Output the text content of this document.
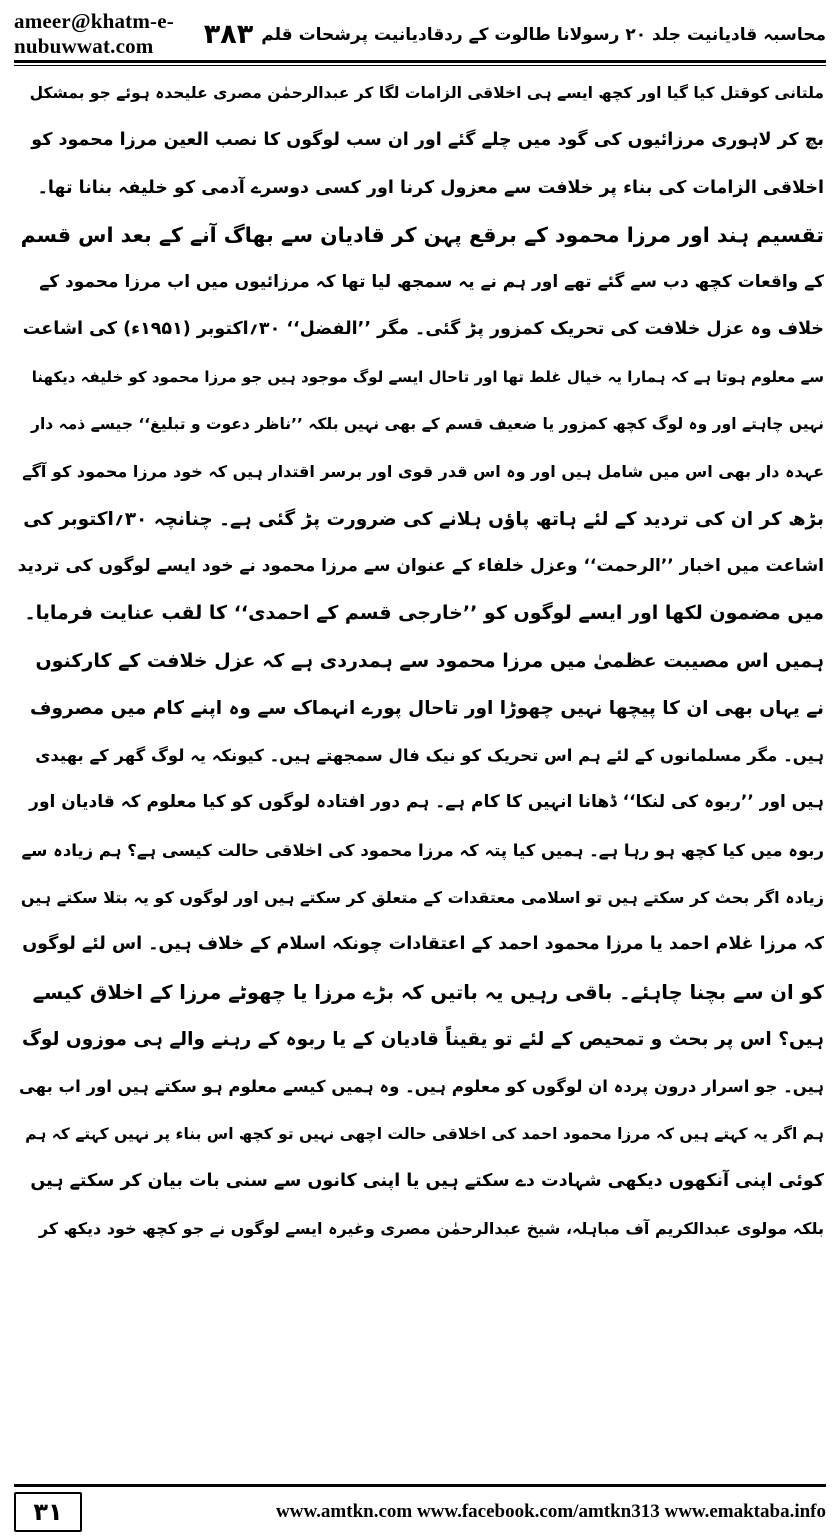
ameer@khatm-e-nubuwwat.com	۳۸۳ محاسبہ قادیانیت جلد ۲۰ رسولانا طالوت کے ردقادیانیت پرشحات قلم
ملتانی کوقتل کیا گیا اور کچھ ایسے ہی اخلاقی الزامات لگا کر عبدالرحمٰن مصری علیحدہ ہوئے جو بمشکل
بچ کر لاہوری مرزائیوں کی گود میں چلے گئے اور ان سب لوگوں کا نصب العین مرزا محمود کو
اخلاقی الزامات کی بناء پر خلافت سے معزول کرنا اور کسی دوسرے آدمی کو خلیفہ بنانا تھا۔
تقسیم ہند اور مرزا محمود کے برقع پہن کر قادیان سے بھاگ آنے کے بعد اس قسم
کے واقعات کچھ دب سے گئے تھے اور ہم نے یہ سمجھ لیا تھا کہ مرزائیوں میں اب مرزا محمود کے
خلاف وہ عزل خلافت کی تحریک کمزور پڑ گئی۔ مگر ’’الفضل‘‘ ۳۰؍اکتوبر (۱۹۵۱ء) کی اشاعت
سے معلوم ہوتا ہے کہ ہمارا یہ خیال غلط تھا اور تاحال ایسے لوگ موجود ہیں جو مرزا محمود کو خلیفہ دیکھنا
نہیں چاہتے اور وہ لوگ کچھ کمزور یا ضعیف قسم کے بھی نہیں بلکہ ’’ناظر دعوت و تبلیغ‘‘ جیسے ذمہ دار
عہدہ دار بھی اس میں شامل ہیں اور وہ اس قدر قوی اور برسر اقتدار ہیں کہ خود مرزا محمود کو آگے
بڑھ کر ان کی تردید کے لئے ہاتھ پاؤں ہلانے کی ضرورت پڑ گئی ہے۔ چنانچہ ۳۰؍اکتوبر کی
اشاعت میں اخبار ’’الرحمت‘‘ وعزل خلفاء کے عنوان سے مرزا محمود نے خود ایسے لوگوں کی تردید
میں مضمون لکھا اور ایسے لوگوں کو ’’خارجی قسم کے احمدی‘‘ کا لقب عنایت فرمایا۔
ہمیں اس مصیبت عظمیٰ میں مرزا محمود سے ہمدردی ہے کہ عزل خلافت کے کارکنوں
نے یہاں بھی ان کا پیچھا نہیں چھوڑا اور تاحال پورے انہماک سے وہ اپنے کام میں مصروف
ہیں۔ مگر مسلمانوں کے لئے ہم اس تحریک کو نیک فال سمجھتے ہیں۔ کیونکہ یہ لوگ گھر کے بھیدی
ہیں اور ’’ربوہ کی لنکا‘‘ ڈھانا انہیں کا کام ہے۔ ہم دور افتادہ لوگوں کو کیا معلوم کہ قادیان اور
ربوہ میں کیا کچھ ہو رہا ہے۔ ہمیں کیا پتہ کہ مرزا محمود کی اخلاقی حالت کیسی ہے؟ ہم زیادہ سے
زیادہ اگر بحث کر سکتے ہیں تو اسلامی معتقدات کے متعلق کر سکتے ہیں اور لوگوں کو یہ بتلا سکتے ہیں
کہ مرزا غلام احمد یا مرزا محمود احمد کے اعتقادات چونکہ اسلام کے خلاف ہیں۔ اس لئے لوگوں
کو ان سے بچنا چاہئے۔ باقی رہیں یہ باتیں کہ بڑے مرزا یا چھوٹے مرزا کے اخلاق کیسے
ہیں؟ اس پر بحث و تمحیص کے لئے تو یقیناً قادیان کے یا ربوہ کے رہنے والے ہی موزوں لوگ
ہیں۔ جو اسرار درون پردہ ان لوگوں کو معلوم ہیں۔ وہ ہمیں کیسے معلوم ہو سکتے ہیں اور اب بھی
ہم اگر یہ کہتے ہیں کہ مرزا محمود احمد کی اخلاقی حالت اچھی نہیں تو کچھ اس بناء پر نہیں کہتے کہ ہم
کوئی اپنی آنکھوں دیکھی شہادت دے سکتے ہیں یا اپنی کانوں سے سنی بات بیان کر سکتے ہیں
بلکہ مولوی عبدالکریم آف مباہلہ، شیخ عبدالرحمٰن مصری وغیرہ ایسے لوگوں نے جو کچھ خود دیکھ کر
۳۱	www.amtkn.com www.facebook.com/amtkn313 www.emaktaba.info
